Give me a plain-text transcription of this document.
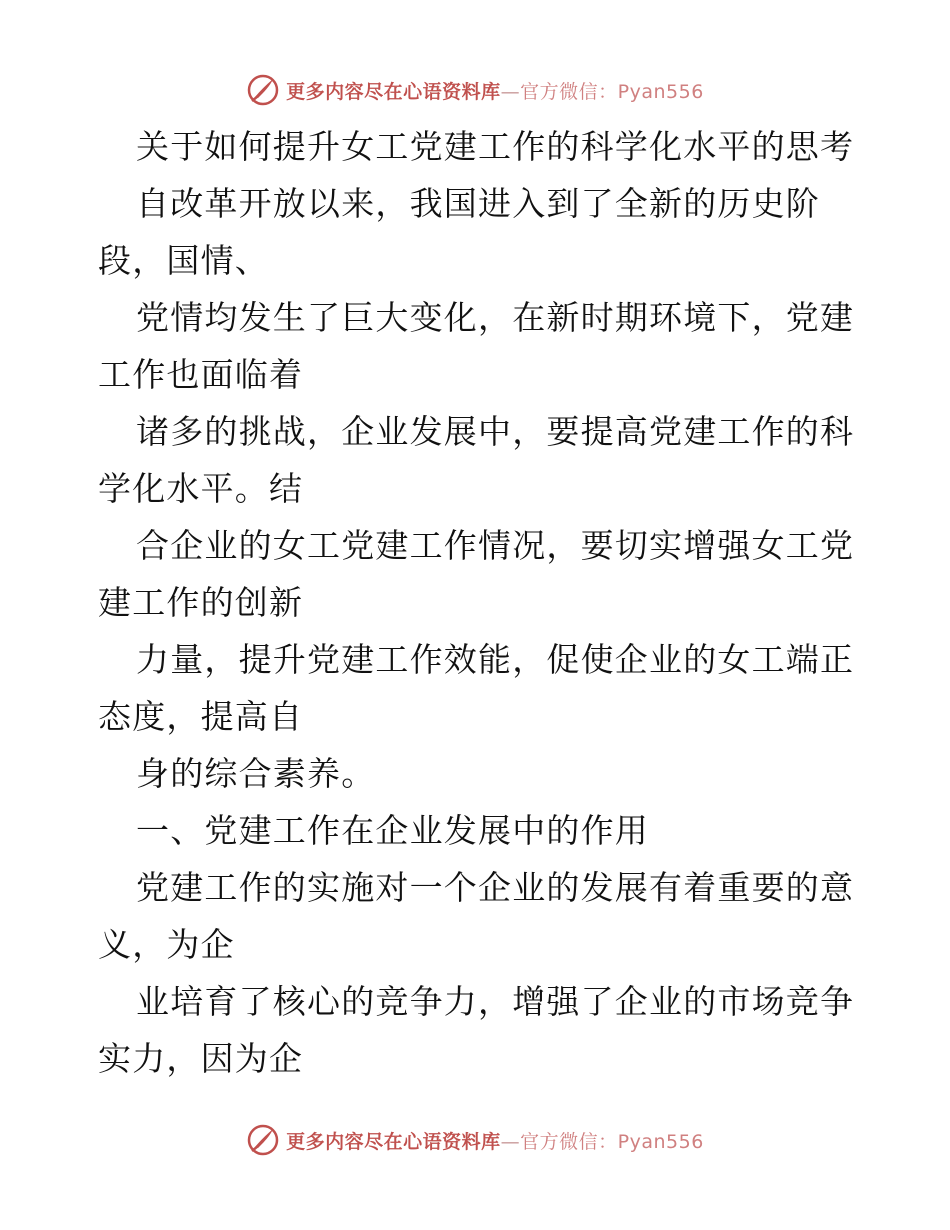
更多内容尽在心语资料库—官方微信：Pyan556
关于如何提升女工党建工作的科学化水平的思考
自改革开放以来，我国进入到了全新的历史阶
段，国情、
党情均发生了巨大变化，在新时期环境下，党建
工作也面临着
诸多的挑战，企业发展中，要提高党建工作的科
学化水平。结
合企业的女工党建工作情况，要切实增强女工党
建工作的创新
力量，提升党建工作效能，促使企业的女工端正
态度，提高自
身的综合素养。
一、党建工作在企业发展中的作用
党建工作的实施对一个企业的发展有着重要的意
义，为企
业培育了核心的竞争力，增强了企业的市场竞争
实力，因为企
更多内容尽在心语资料库—官方微信：Pyan556
